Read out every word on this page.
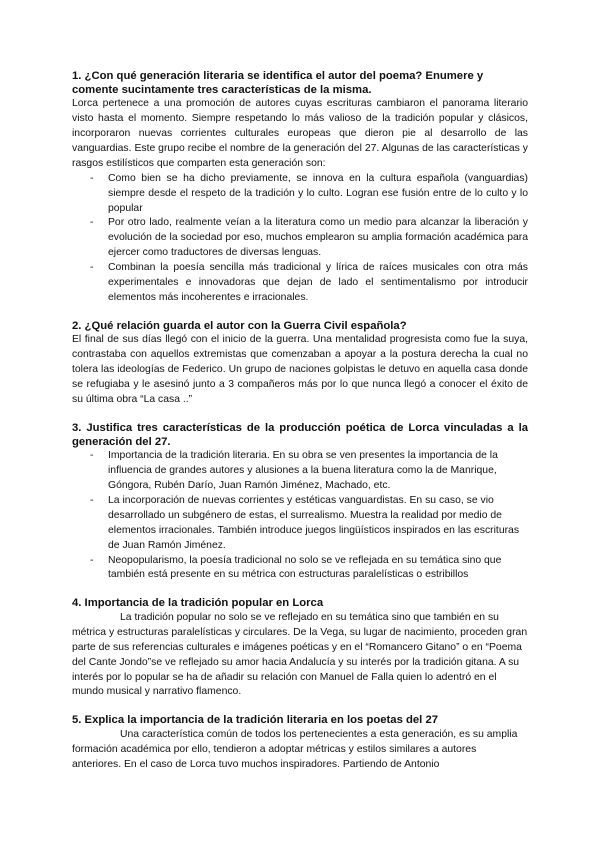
1. ¿Con qué generación literaria se identifica el autor del poema? Enumere y comente sucintamente tres características de la misma.

Lorca pertenece a una promoción de autores cuyas escrituras cambiaron el panorama literario visto hasta el momento. Siempre respetando lo más valioso de la tradición popular y clásicos, incorporaron nuevas corrientes culturales europeas que dieron pie al desarrollo de las vanguardias. Este grupo recibe el nombre de la generación del 27. Algunas de las características y rasgos estilísticos que comparten esta generación son:

- Como bien se ha dicho previamente, se innova en la cultura española (vanguardias) siempre desde el respeto de la tradición y lo culto. Logran ese fusión entre de lo culto y lo popular
- Por otro lado, realmente veían a la literatura como un medio para alcanzar la liberación y evolución de la sociedad por eso, muchos emplearon su amplia formación académica para ejercer como traductores de diversas lenguas.
- Combinan la poesía sencilla más tradicional y lírica de raíces musicales con otra más experimentales e innovadoras que dejan de lado el sentimentalismo por introducir elementos más incoherentes e irracionales.

2. ¿Qué relación guarda el autor con la Guerra Civil española?

El final de sus días llegó con el inicio de la guerra. Una mentalidad progresista como fue la suya, contrastaba con aquellos extremistas que comenzaban a apoyar a la postura derecha la cual no tolera las ideologías de Federico. Un grupo de naciones golpistas le detuvo en aquella casa donde se refugiaba y le asesinó junto a 3 compañeros más por lo que nunca llegó a conocer el éxito de su última obra “La casa ..”

3. Justifica tres características de la producción poética de Lorca vinculadas a la generación del 27.

- Importancia de la tradición literaria. En su obra se ven presentes la importancia de la influencia de grandes autores y alusiones a la buena literatura como la de Manrique, Góngora, Rubén Darío, Juan Ramón Jiménez, Machado, etc.
- La incorporación de nuevas corrientes y estéticas vanguardistas. En su caso, se vio desarrollado un subgénero de estas, el surrealismo. Muestra la realidad por medio de elementos irracionales. También introduce juegos lingüísticos inspirados en las escrituras de Juan Ramón Jiménez.
- Neopopularismo, la poesía tradicional no solo se ve reflejada en su temática sino que también está presente en su métrica con estructuras paralelísticas o estribillos

4. Importancia de la tradición popular en Lorca

La tradición popular no solo se ve reflejado en su temática sino que también en su métrica y estructuras paralelísticas y circulares. De la Vega, su lugar de nacimiento, proceden gran parte de sus referencias culturales e imágenes poéticas y en el “Romancero Gitano” o en “Poema del Cante Jondo”se ve reflejado su amor hacia Andalucía y su interés por la tradición gitana. A su interés por lo popular se ha de añadir su relación con Manuel de Falla quien lo adentró en el mundo musical y narrativo flamenco.

5. Explica la importancia de la tradición literaria en los poetas del 27

Una característica común de todos los pertenecientes a esta generación, es su amplia formación académica por ello, tendieron a adoptar métricas y estilos similares a autores anteriores. En el caso de Lorca tuvo muchos inspiradores. Partiendo de Antonio
